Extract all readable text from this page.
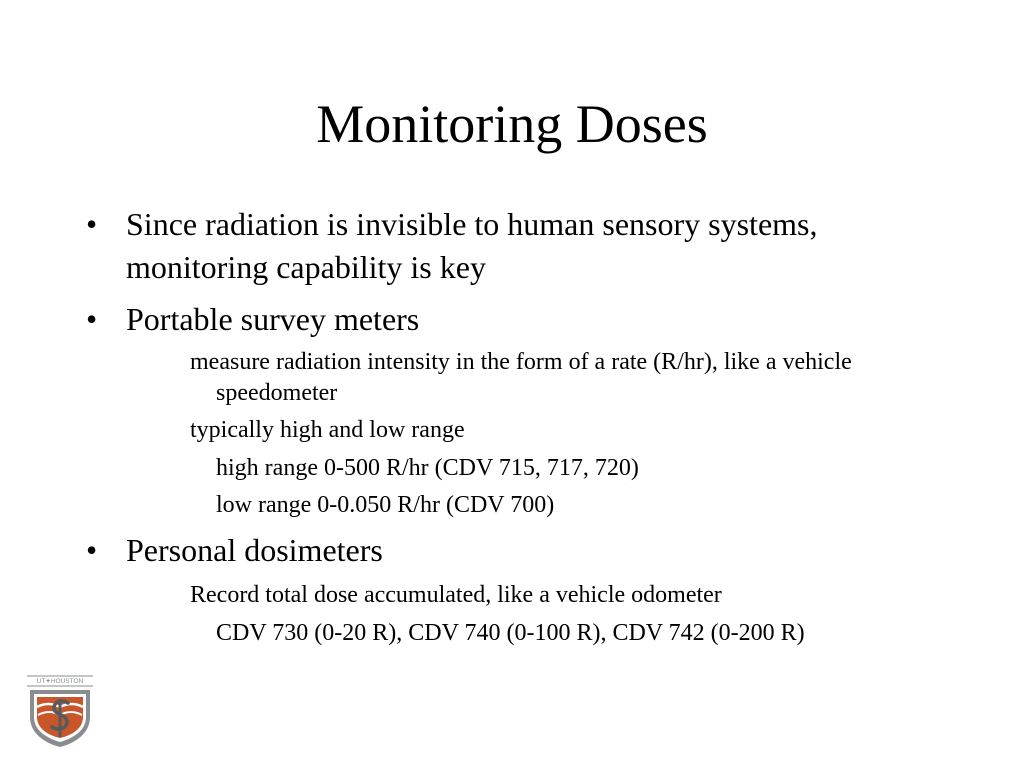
Monitoring Doses
• Since radiation is invisible to human sensory systems, monitoring capability is key
• Portable survey meters
measure radiation intensity in the form of a rate (R/hr), like a vehicle speedometer
typically high and low range
high range 0-500 R/hr (CDV 715, 717, 720)
low range 0-0.050 R/hr (CDV 700)
• Personal dosimeters
Record total dose accumulated, like a vehicle odometer
CDV 730 (0-20 R), CDV 740 (0-100 R), CDV 742 (0-200 R)
UT✦HOUSTON
